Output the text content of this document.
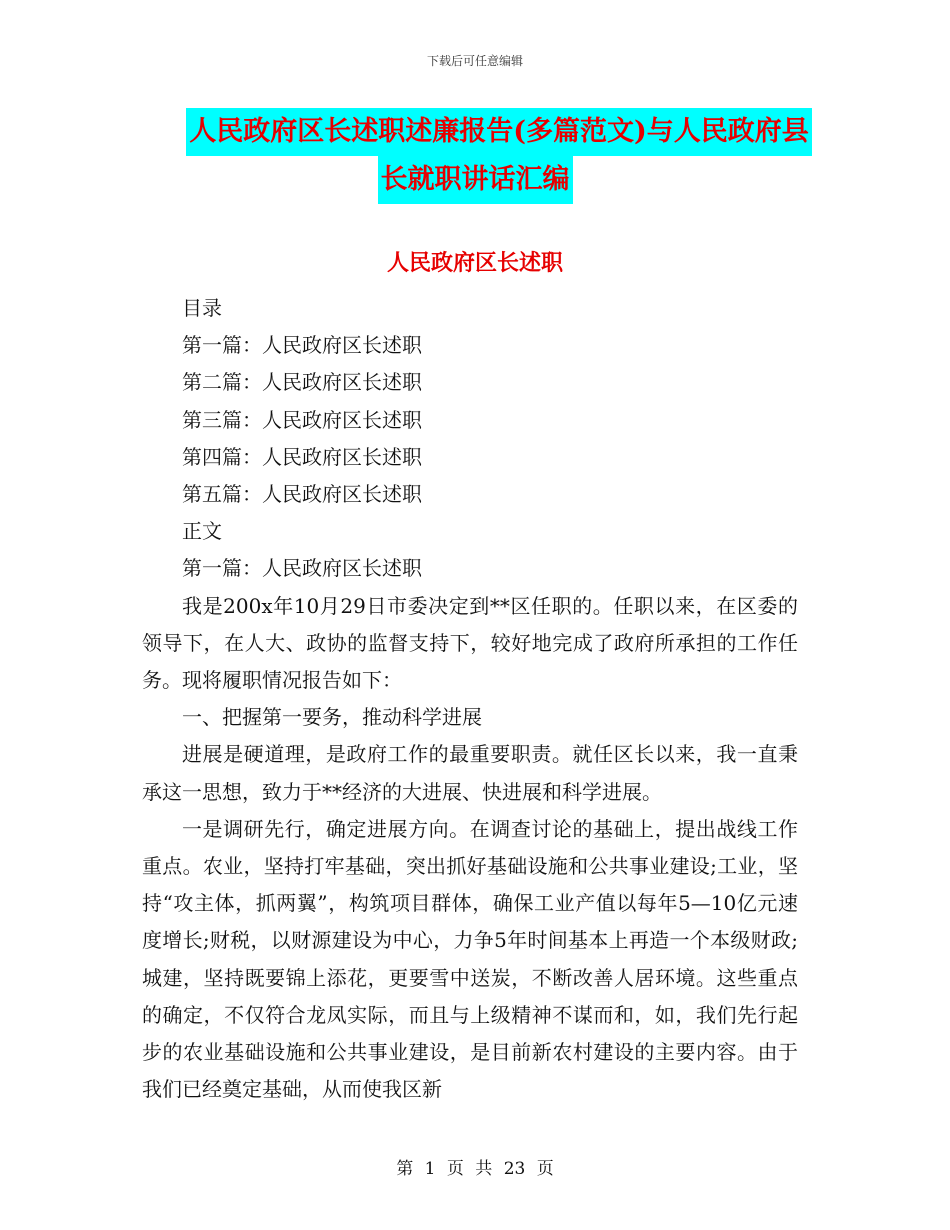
下载后可任意编辑
人民政府区长述职述廉报告(多篇范文)与人民政府县
长就职讲话汇编
人民政府区长述职

目录

第一篇：人民政府区长述职

第二篇：人民政府区长述职

第三篇：人民政府区长述职

第四篇：人民政府区长述职

第五篇：人民政府区长述职

正文

第一篇：人民政府区长述职

我是200x年10月29日市委决定到**区任职的。任职以来，在区委的领导下，在人大、政协的监督支持下，较好地完成了政府所承担的工作任务。现将履职情况报告如下：

一、把握第一要务，推动科学进展

进展是硬道理，是政府工作的最重要职责。就任区长以来，我一直秉承这一思想，致力于**经济的大进展、快进展和科学进展。

一是调研先行，确定进展方向。在调查讨论的基础上，提出战线工作重点。农业，坚持打牢基础，突出抓好基础设施和公共事业建设;工业，坚持“攻主体，抓两翼”，构筑项目群体，确保工业产值以每年5—10亿元速度增长;财税，以财源建设为中心，力争5年时间基本上再造一个本级财政;城建，坚持既要锦上添花，更要雪中送炭，不断改善人居环境。这些重点的确定，不仅符合龙凤实际，而且与上级精神不谋而和，如，我们先行起步的农业基础设施和公共事业建设，是目前新农村建设的主要内容。由于我们已经奠定基础，从而使我区新

第 1 页 共 23 页
